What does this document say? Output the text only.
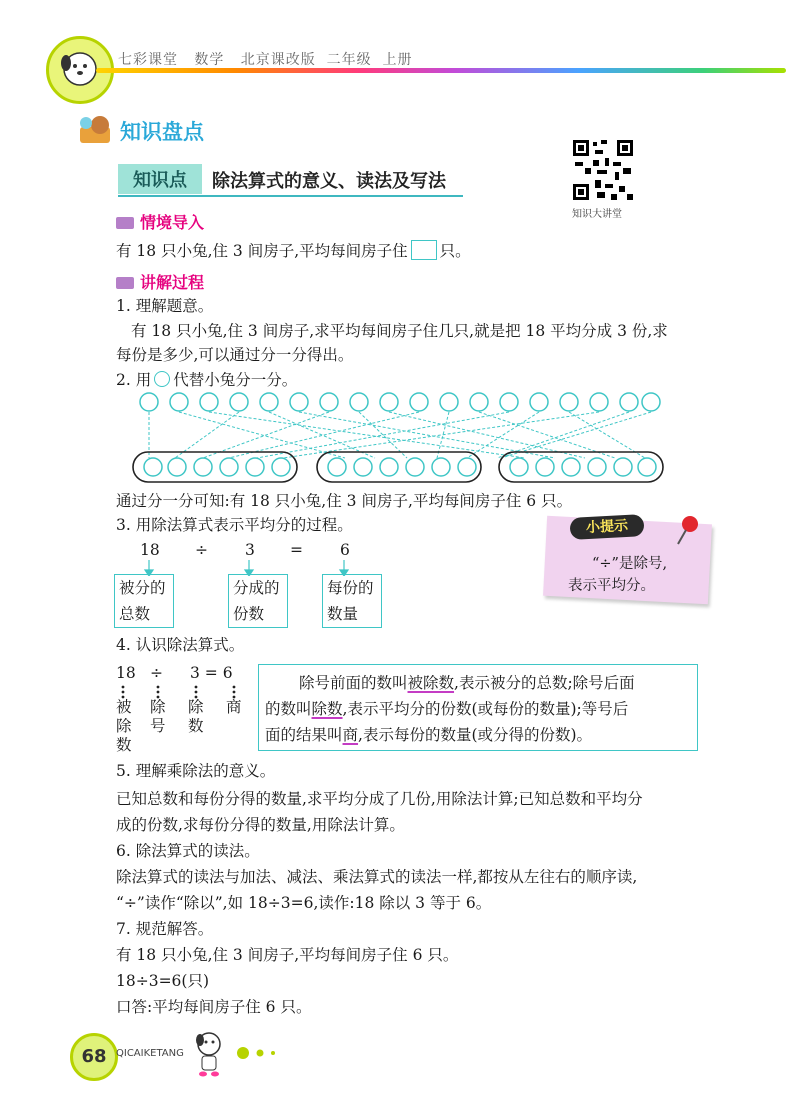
七彩课堂 数学 北京课改版 二年级 上册
知识盘点
知识点	除法算式的意义、读法及写法
知识大讲堂
情境导入
有 18 只小兔,住 3 间房子,平均每间房子住 只。
讲解过程
1. 理解题意。
有 18 只小兔,住 3 间房子,求平均每间房子住几只,就是把 18 平均分成 3 份,求
每份是多少,可以通过分一分得出。
2. 用 代替小兔分一分。
通过分一分可知:有 18 只小兔,住 3 间房子,平均每间房子住 6 只。
3. 用除法算式表示平均分的过程。
18 ÷ 3 = 6
被分的
总数
分成的
份数
每份的
数量
小提示
“÷”是除号,
表示平均分。
4. 认识除法算式。
18 ÷ 3 = 6
被除数
除号
除数
商
除号前面的数叫被除数,表示被分的总数;除号后面
的数叫除数,表示平均分的份数(或每份的数量);等号后
面的结果叫商,表示每份的数量(或分得的份数)。
5. 理解乘除法的意义。
已知总数和每份分得的数量,求平均分成了几份,用除法计算;已知总数和平均分
成的份数,求每份分得的数量,用除法计算。
6. 除法算式的读法。
除法算式的读法与加法、减法、乘法算式的读法一样,都按从左往右的顺序读,
“÷”读作“除以”,如 18÷3=6,读作:18 除以 3 等于 6。
7. 规范解答。
有 18 只小兔,住 3 间房子,平均每间房子住 6 只。
18÷3=6(只)
口答:平均每间房子住 6 只。
68 QICAIKETANG
